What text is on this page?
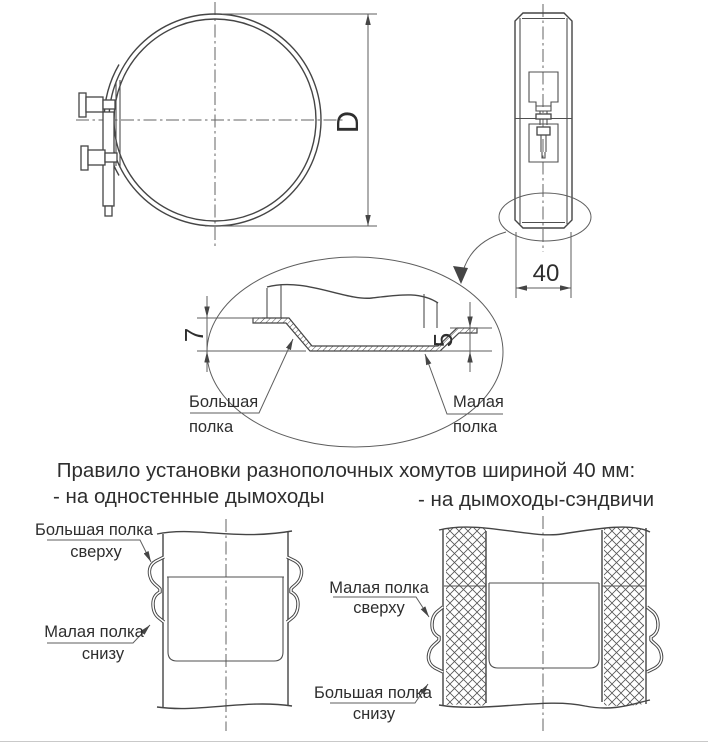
D
40
7	5
Большая
полка
Малая
полка
Правило установки разнополочных хомутов шириной 40 мм:
- на одностенные дымоходы	- на дымоходы-сэндвичи
Большая полка
сверху
Малая полка
снизу
Малая полка
сверху
Большая полка
снизу
